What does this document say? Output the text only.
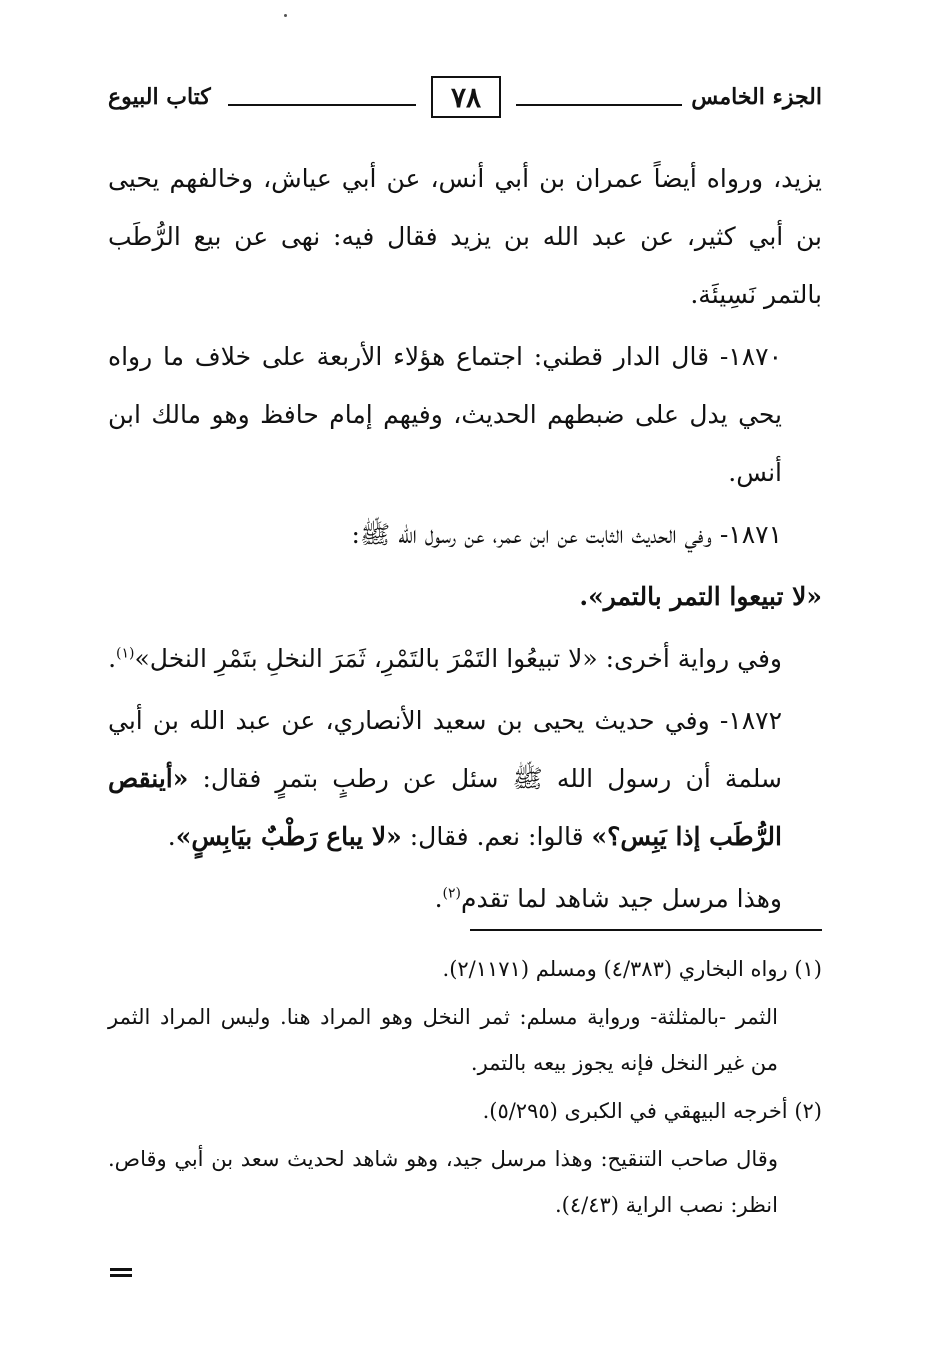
الجزء الخامس
٧٨
كتاب البيوع

يزيد، ورواه أيضاً عمران بن أبي أنس، عن أبي عياش، وخالفهم يحيى بن أبي كثير، عن عبد الله بن يزيد فقال فيه: نهى عن بيع الرُّطَب بالتمر نَسِيئَة.

١٨٧٠- قال الدار قطني: اجتماع هؤلاء الأربعة على خلاف ما رواه يحي يدل على ضبطهم الحديث، وفيهم إمام حافظ وهو مالك ابن أنس.

١٨٧١- وفي الحديث الثابت عن ابن عمر، عن رسول الله ﷺ:

«لا تبيعوا التمر بالتمر».

وفي رواية أخرى: «لا تبيعُوا التَمْرَ بالتَمْرِ، ثَمَرَ النخلِ بتَمْرِ النخل»$^{(١)}$.

١٨٧٢- وفي حديث يحيى بن سعيد الأنصاري، عن عبد الله بن أبي سلمة أن رسول الله ﷺ سئل عن رطبٍ بتمرٍ فقال: «أينقص الرُّطَب إذا يَبِس؟» قالوا: نعم. فقال: «لا يباع رَطْبٌ بيَابِسٍ».

وهذا مرسل جيد شاهد لما تقدم$^{(٢)}$.

(١) رواه البخاري (٤/٣٨٣) ومسلم (٢/١١٧١).

الثمر -بالمثلثة- ورواية مسلم: ثمر النخل وهو المراد هنا. وليس المراد الثمر من غير النخل فإنه يجوز بيعه بالتمر.

(٢) أخرجه البيهقي في الكبرى (٥/٢٩٥).

وقال صاحب التنقيح: وهذا مرسل جيد، وهو شاهد لحديث سعد بن أبي وقاص. انظر: نصب الراية (٤/٤٣).
